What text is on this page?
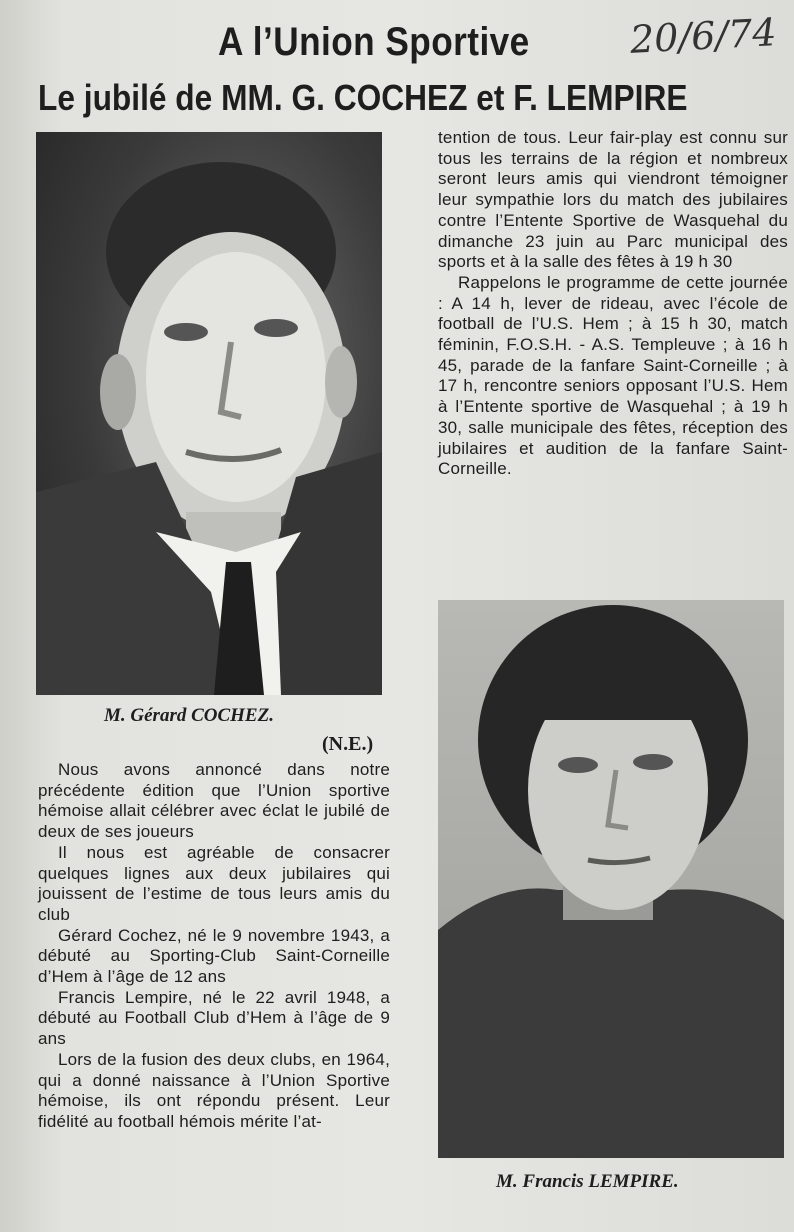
A l’Union Sportive	20/6/74
Le jubilé de MM. G. COCHEZ et F. LEMPIRE
M. Gérard COCHEZ.
(N.E.)

Nous avons annoncé dans notre précédente édition que l’Union sportive hémoise allait célébrer avec éclat le jubilé de deux de ses joueurs

Il nous est agréable de consacrer quelques lignes aux deux jubilaires qui jouissent de l’estime de tous leurs amis du club

Gérard Cochez, né le 9 novembre 1943, a débuté au Sporting-Club Saint-Corneille d’Hem à l’âge de 12 ans

Francis Lempire, né le 22 avril 1948, a débuté au Football Club d’Hem à l’âge de 9 ans

Lors de la fusion des deux clubs, en 1964, qui a donné naissance à l’Union Sportive hémoise, ils ont répondu présent. Leur fidélité au football hémois mérite l’at-

tention de tous. Leur fair-play est connu sur tous les terrains de la région et nombreux seront leurs amis qui viendront témoigner leur sympathie lors du match des jubilaires contre l’Entente Sportive de Wasquehal du dimanche 23 juin au Parc municipal des sports et à la salle des fêtes à 19 h 30

Rappelons le programme de cette journée : A 14 h, lever de rideau, avec l’école de football de l’U.S. Hem ; à 15 h 30, match féminin, F.O.S.H. - A.S. Templeuve ; à 16 h 45, parade de la fanfare Saint-Corneille ; à 17 h, rencontre seniors opposant l’U.S. Hem à l’Entente sportive de Wasquehal ; à 19 h 30, salle municipale des fêtes, réception des jubilaires et audition de la fanfare Saint-Corneille.

M. Francis LEMPIRE.
